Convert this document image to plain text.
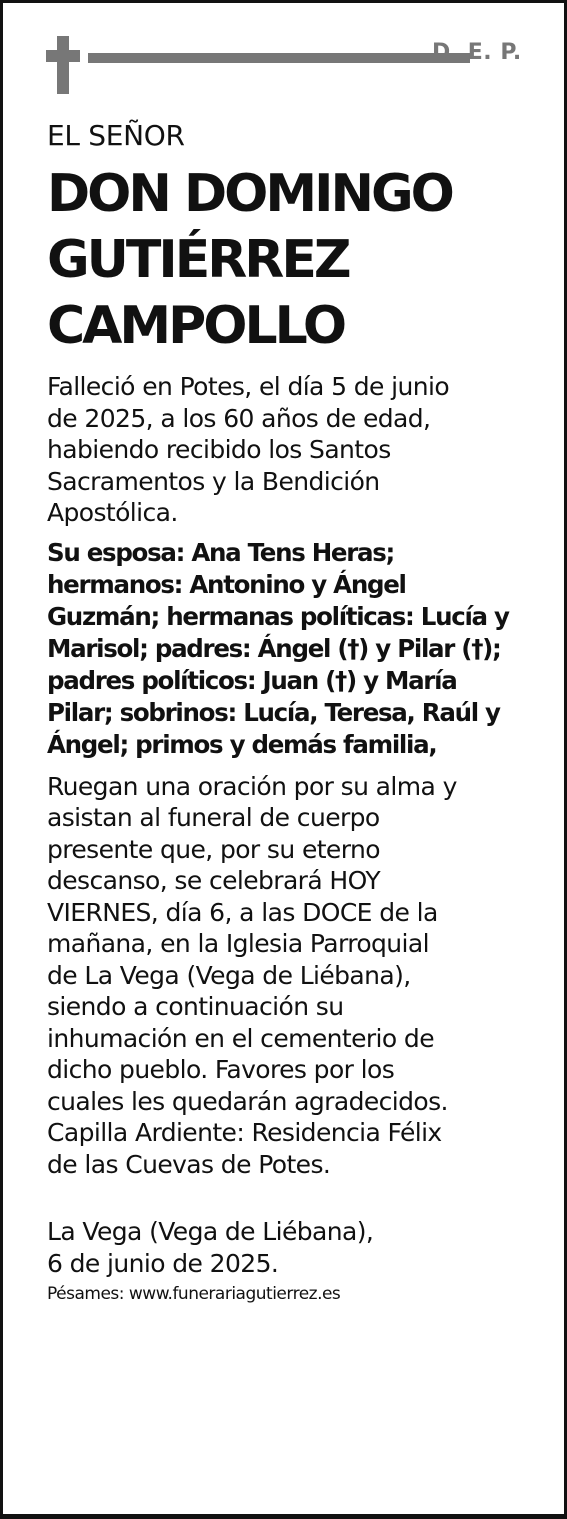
D. E. P.

EL SEÑOR

DON DOMINGO
GUTIÉRREZ
CAMPOLLO

Falleció en Potes, el día 5 de junio
de 2025, a los 60 años de edad,
habiendo recibido los Santos
Sacramentos y la Bendición
Apostólica.

Su esposa: Ana Tens Heras;
hermanos: Antonino y Ángel
Guzmán; hermanas políticas: Lucía y
Marisol; padres: Ángel (†) y Pilar (†);
padres políticos: Juan (†) y María
Pilar; sobrinos: Lucía, Teresa, Raúl y
Ángel; primos y demás familia,

Ruegan una oración por su alma y
asistan al funeral de cuerpo
presente que, por su eterno
descanso, se celebrará HOY
VIERNES, día 6, a las DOCE de la
mañana, en la Iglesia Parroquial
de La Vega (Vega de Liébana),
siendo a continuación su
inhumación en el cementerio de
dicho pueblo. Favores por los
cuales les quedarán agradecidos.
Capilla Ardiente: Residencia Félix
de las Cuevas de Potes.

La Vega (Vega de Liébana),
6 de junio de 2025.

Pésames: www.funerariagutierrez.es
